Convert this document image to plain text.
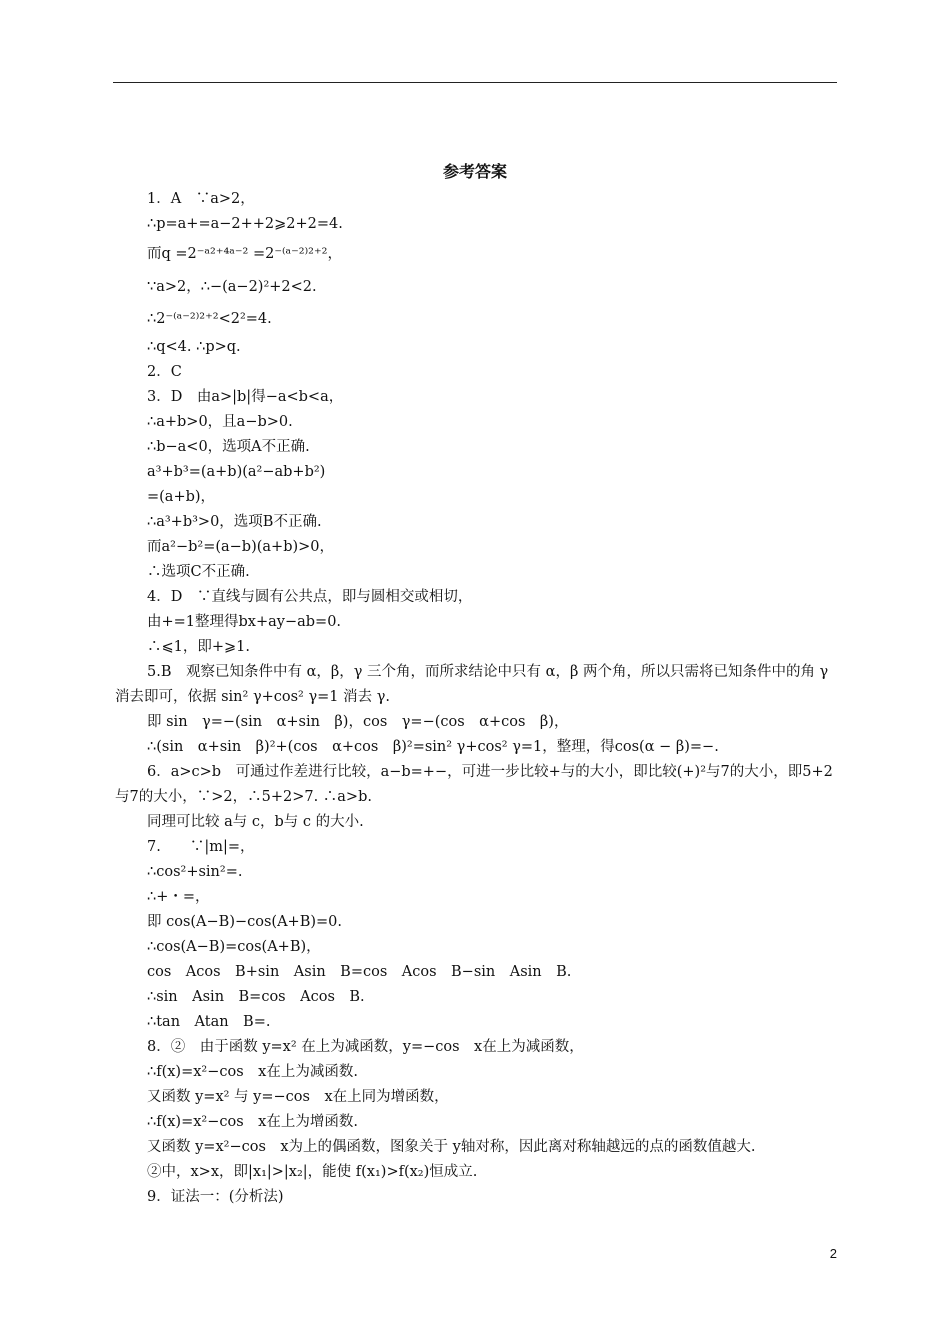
参考答案
1．A　∵a>2，
∴p=a+=a−2++2⩾2+2=4.
而q =2⁻ᵃ²⁺⁴ᵃ⁻² =2⁻⁽ᵃ⁻²⁾²⁺²，
∵a>2，∴−(a−2)²+2<2.
∴2⁻⁽ᵃ⁻²⁾²⁺²<2²=4.
∴q<4. ∴p>q.
2．C
3．D　由a>|b|得−a<b<a，
∴a+b>0，且a−b>0.
∴b−a<0，选项A不正确.
a³+b³=(a+b)(a²−ab+b²)
=(a+b)，
∴a³+b³>0，选项B不正确.
而a²−b²=(a−b)(a+b)>0，
∴选项C不正确.
4．D　∵直线与圆有公共点，即与圆相交或相切，
由+=1整理得bx+ay−ab=0.
∴⩽1，即+⩾1.
5.B　观察已知条件中有 α，β，γ 三个角，而所求结论中只有 α，β 两个角，所以只需将已知条件中的角 γ 消去即可，依据 sin² γ+cos² γ=1 消去 γ.
即 sin　γ=−(sin　α+sin　β)，cos　γ=−(cos　α+cos　β)，
∴(sin　α+sin　β)²+(cos　α+cos　β)²=sin² γ+cos² γ=1，整理，得cos(α − β)=−.
6．a>c>b　可通过作差进行比较，a−b=+−，可进一步比较+与的大小，即比较(+)²与7的大小，即5+2与7的大小，∵>2，∴5+2>7. ∴a>b.
同理可比较 a与 c，b与 c 的大小.
7.　　∵|m|=，
∴cos²+sin²=.
∴+・=，
即 cos(A−B)−cos(A+B)=0.
∴cos(A−B)=cos(A+B)，
cos　Acos　B+sin　Asin　B=cos　Acos　B−sin　Asin　B.
∴sin　Asin　B=cos　Acos　B.
∴tan　Atan　B=.
8．②　由于函数 y=x² 在上为减函数，y=−cos　x在上为减函数，
∴f(x)=x²−cos　x在上为减函数.
又函数 y=x² 与 y=−cos　x在上同为增函数，
∴f(x)=x²−cos　x在上为增函数.
又函数 y=x²−cos　x为上的偶函数，图象关于 y轴对称，因此离对称轴越远的点的函数值越大.
②中，x>x，即|x₁|>|x₂|，能使 f(x₁)>f(x₂)恒成立.
9．证法一：(分析法)
2
